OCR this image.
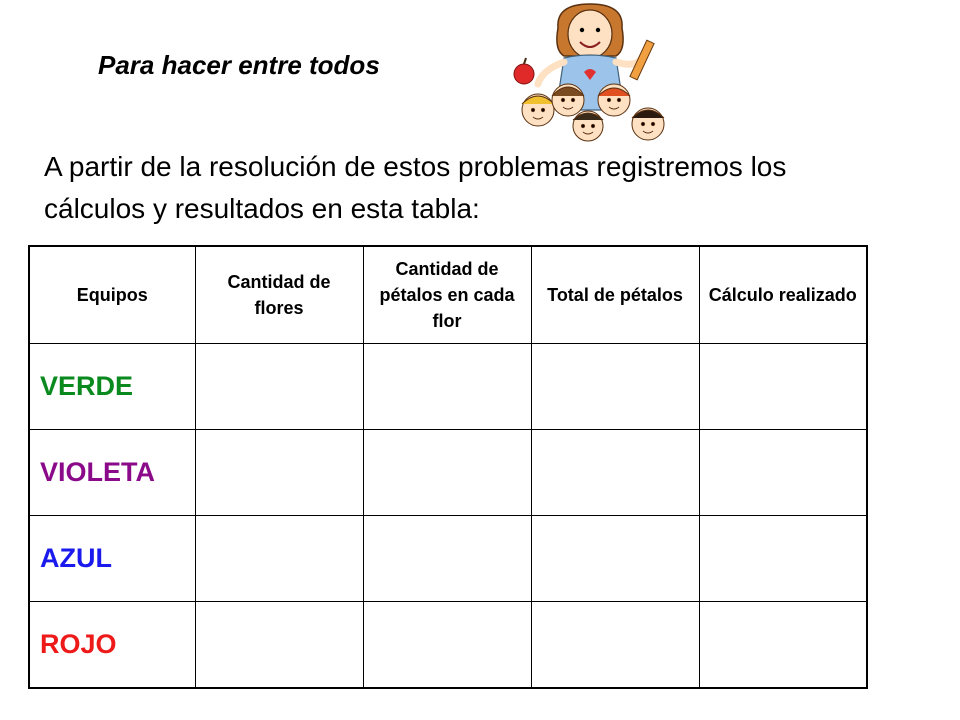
Para hacer entre todos
A partir de la resolución de estos problemas registremos los cálculos y resultados en esta tabla:
Equipos	Cantidad de flores	Cantidad de pétalos en cada flor	Total de pétalos	Cálculo realizado
VERDE				
VIOLETA				
AZUL				
ROJO				
